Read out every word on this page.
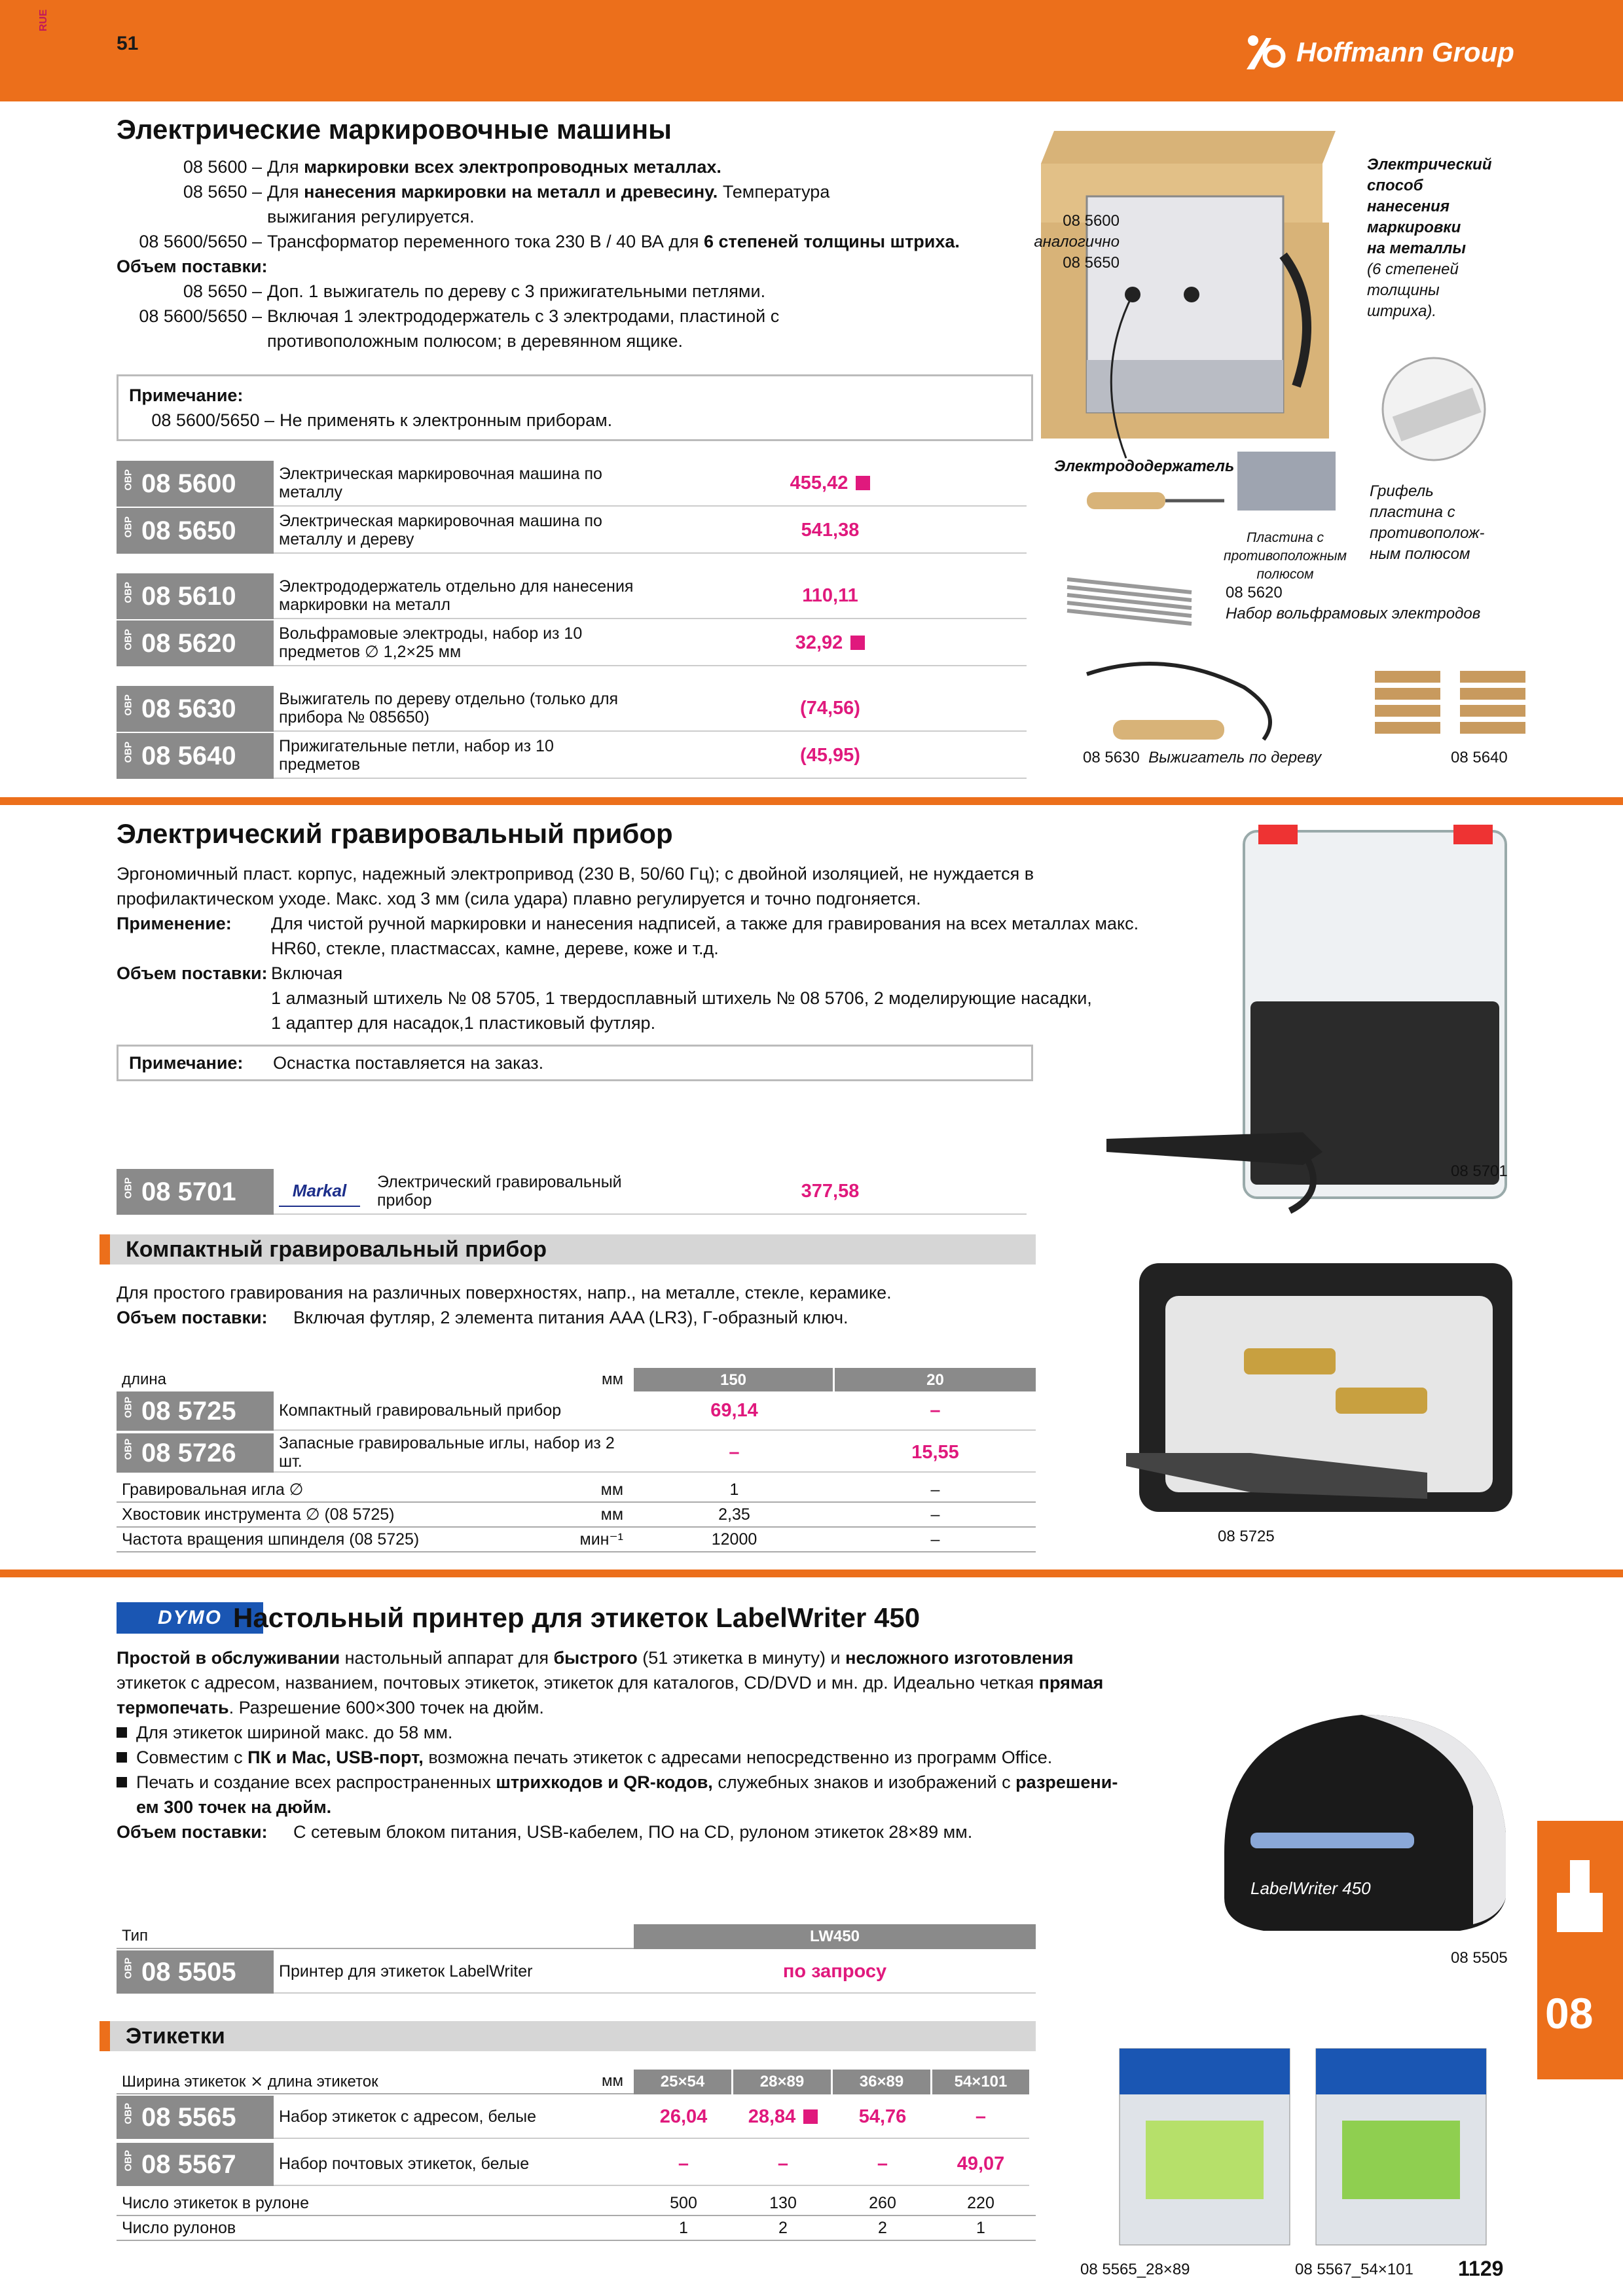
RUE
51	Hoffmann Group
Электрические маркировочные машины
08 5600 – Для маркировки всех электропроводных металлах.
08 5650 – Для нанесения маркировки на металл и древесину. Температура
выжигания регулируется.
08 5600/5650 – Трансформатор переменного тока 230 В / 40 ВА для 6 степеней толщины штриха.
Объем поставки:
08 5650 – Доп. 1 выжигатель по дереву с 3 прижигательными петлями.
08 5600/5650 – Включая 1 электрододержатель с 3 электродами, пластиной с
противоположным полюсом; в деревянном ящике.
Примечание:
08 5600/5650 – Не применять к электронным приборам.
ОВР 08 5600	Электрическая маркировочная машина по металлу	455,42
ОВР 08 5650	Электрическая маркировочная машина по металлу и дереву	541,38
ОВР 08 5610	Электрододержатель отдельно для нанесения маркировки на металл	110,11
ОВР 08 5620	Вольфрамовые электроды, набор из 10 предметов ∅ 1,2×25 мм	32,92
ОВР 08 5630	Выжигатель по дереву отдельно (только для прибора № 085650)	(74,56)
ОВР 08 5640	Прижигательные петли, набор из 10 предметов	(45,95)
08 5600
аналогично
08 5650
Электрический
способ
нанесения
маркировки
на металлы
(6 степеней
толщины
штриха).
Электрододержатель
Пластина с
противоположным полюсом
Грифель
пластина с
противополож-
ным полюсом
08 5620
Набор вольфрамовых электродов
08 5630 Выжигатель по дереву	08 5640
Электрический гравировальный прибор
Эргономичный пласт. корпус, надежный электропривод (230 В, 50/60 Гц); с двойной изоляцией, не нуждается в
профилактическом уходе. Макс. ход 3 мм (сила удара) плавно регулируется и точно подгоняется.
Применение:	Для чистой ручной маркировки и нанесения надписей, а также для гравирования на всех металлах макс.
HR60, стекле, пластмассах, камне, дереве, коже и т.д.
Объем поставки: Включая
1 алмазный штихель № 08 5705, 1 твердосплавный штихель № 08 5706, 2 моделирующие насадки,
1 адаптер для насадок,1 пластиковый футляр.
Примечание:	Оснастка поставляется на заказ.
ОВР 08 5701	Markal	Электрический гравировальный прибор	377,58
08 5701
Компактный гравировальный прибор
Для простого гравирования на различных поверхностях, напр., на металле, стекле, керамике.
Объем поставки:	Включая футляр, 2 элемента питания AAA (LR3), Г-образный ключ.
длина	мм	150	20
ОВР 08 5725	Компактный гравировальный прибор	69,14	–
ОВР 08 5726	Запасные гравировальные иглы, набор из 2 шт.	–	15,55
Гравировальная игла ∅	мм	1	–
Хвостовик инструмента ∅ (08 5725)	мм	2,35	–
Частота вращения шпинделя (08 5725)	мин⁻¹	12000	–	08 5725
DYMO Настольный принтер для этикеток LabelWriter 450
Простой в обслуживании настольный аппарат для быстрого (51 этикетка в минуту) и несложного изготовления
этикеток с адресом, названием, почтовых этикеток, этикеток для каталогов, CD/DVD и мн. др. Идеально четкая прямая
термопечать. Разрешение 600×300 точек на дюйм.
Для этикеток шириной макс. до 58 мм.
Совместим с ПК и Mac, USB-порт, возможна печать этикеток с адресами непосредственно из программ Office.
Печать и создание всех распространенных штрихкодов и QR-кодов, служебных знаков и изображений с разрешени-
ем 300 точек на дюйм.
Объем поставки:	С сетевым блоком питания, USB-кабелем, ПО на CD, рулоном этикеток 28×89 мм.
Тип	LW450
ОВР 08 5505	Принтер для этикеток LabelWriter	по запросу
LabelWriter 450
08 5505
Этикетки
Ширина этикеток ⨯ длина этикеток	мм	25×54	28×89	36×89	54×101
ОВР 08 5565	Набор этикеток с адресом, белые	26,04	28,84	54,76	–
ОВР 08 5567	Набор почтовых этикеток, белые	–	–	–	49,07
Число этикеток в рулоне	500	130	260	220
Число рулонов	1	2	2	1
08 5565_28×89	08 5567_54×101
08
1129
